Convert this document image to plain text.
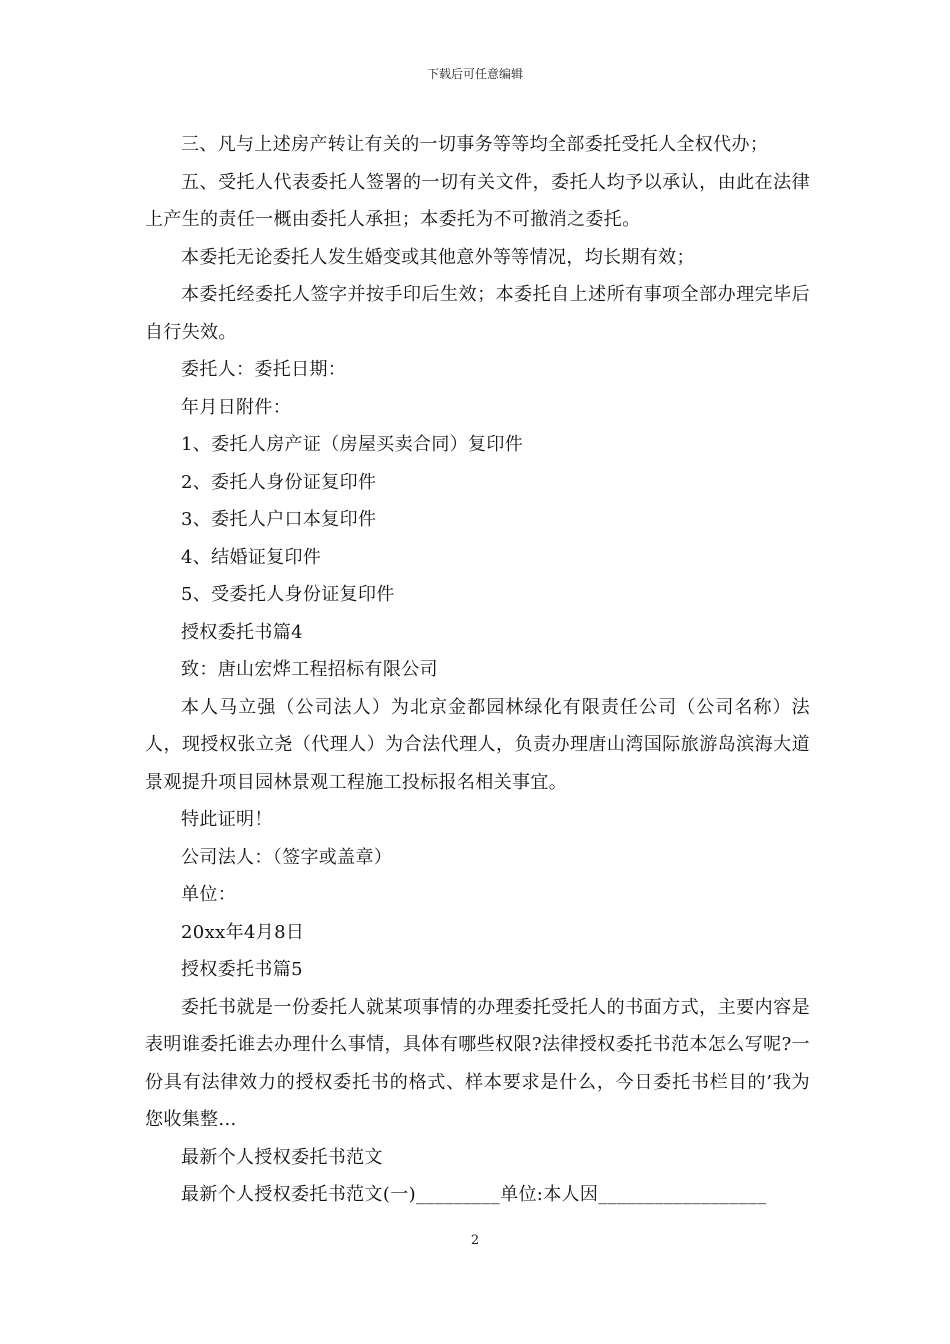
下载后可任意编辑

三、凡与上述房产转让有关的一切事务等等均全部委托受托人全权代办；

五、受托人代表委托人签署的一切有关文件，委托人均予以承认，由此在法律上产生的责任一概由委托人承担；本委托为不可撤消之委托。

本委托无论委托人发生婚变或其他意外等等情况，均长期有效；

本委托经委托人签字并按手印后生效；本委托自上述所有事项全部办理完毕后自行失效。

委托人：委托日期：

年月日附件：

1、委托人房产证（房屋买卖合同）复印件

2、委托人身份证复印件

3、委托人户口本复印件

4、结婚证复印件

5、受委托人身份证复印件

授权委托书篇4

致：唐山宏烨工程招标有限公司

本人马立强（公司法人）为北京金都园林绿化有限责任公司（公司名称）法人，现授权张立尧（代理人）为合法代理人，负责办理唐山湾国际旅游岛滨海大道景观提升项目园林景观工程施工投标报名相关事宜。

特此证明！

公司法人：（签字或盖章）

单位：

20xx年4月8日

授权委托书篇5

委托书就是一份委托人就某项事情的办理委托受托人的书面方式，主要内容是表明谁委托谁去办理什么事情，具体有哪些权限?法律授权委托书范本怎么写呢?一份具有法律效力的授权委托书的格式、样本要求是什么，今日委托书栏目的’我为您收集整...

最新个人授权委托书范文

最新个人授权委托书范文(一)_________单位:本人因__________________

2
